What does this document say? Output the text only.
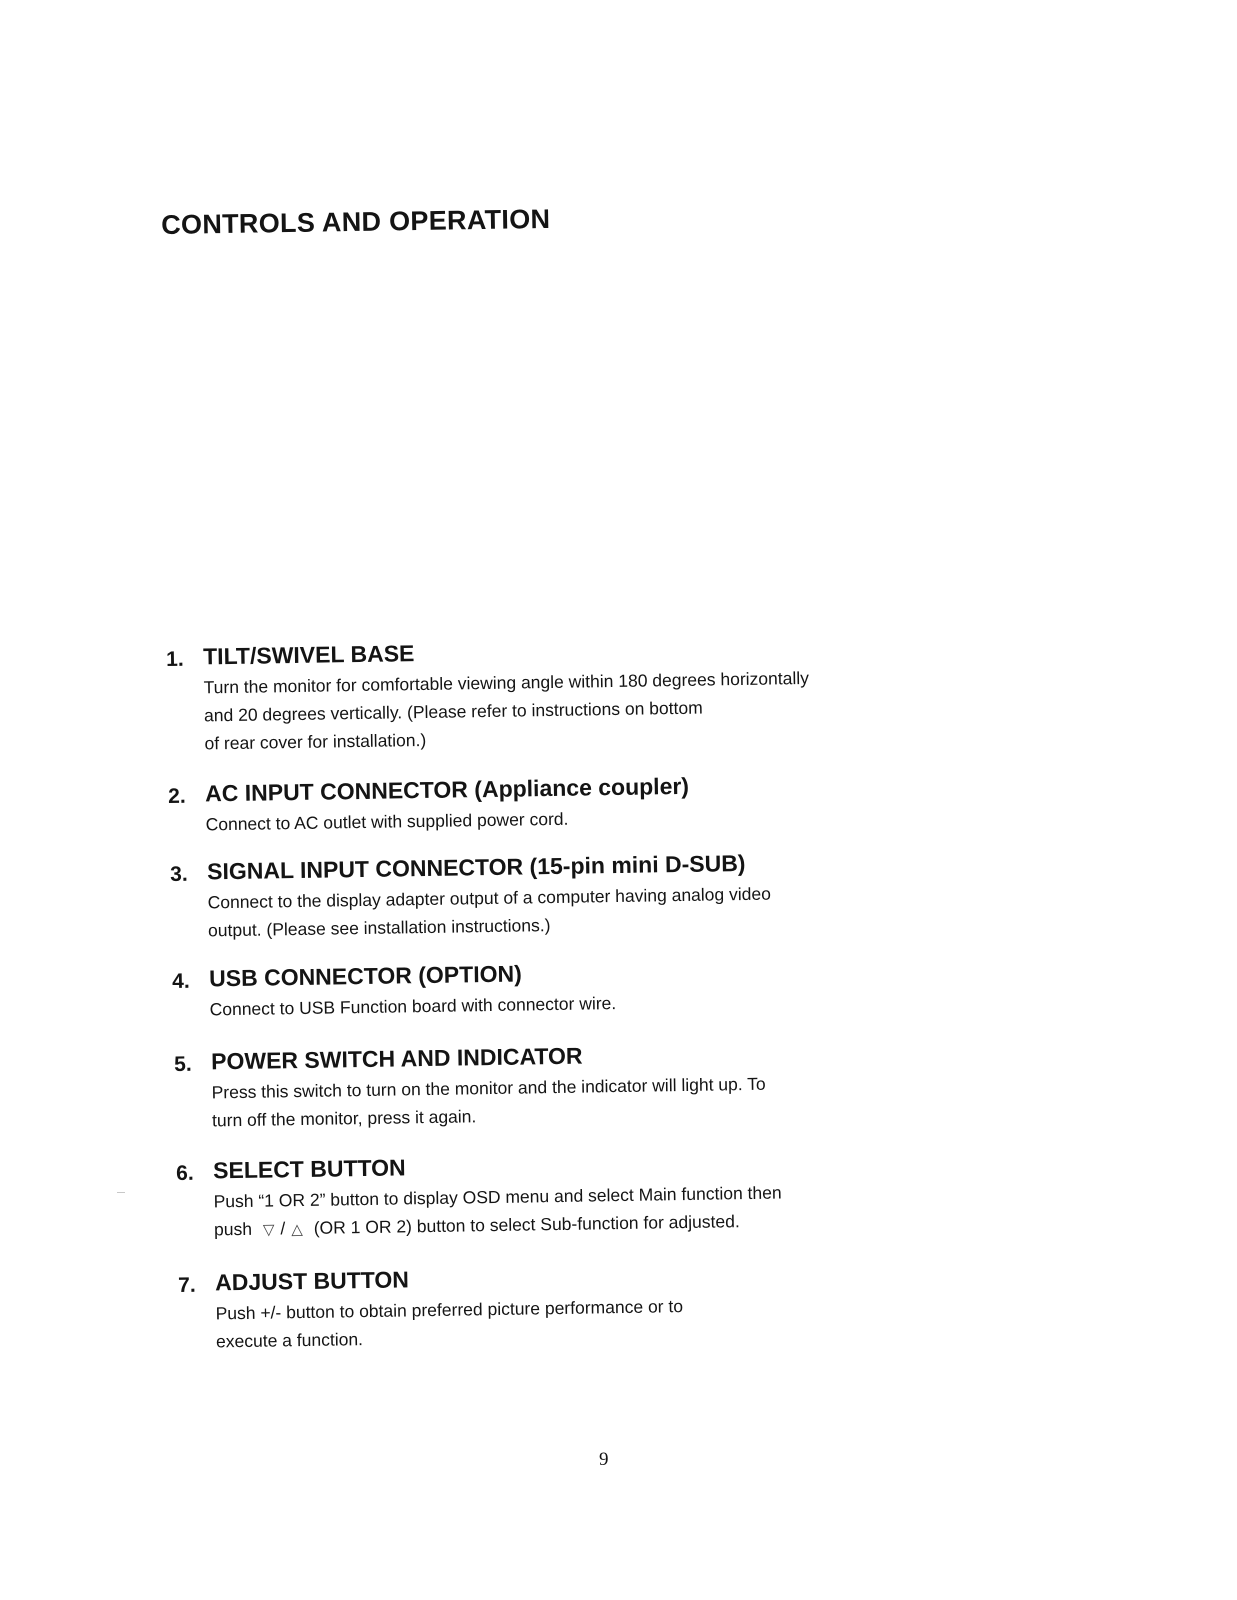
CONTROLS AND OPERATION
1. TILT/SWIVEL BASE
Turn the monitor for comfortable viewing angle within 180 degrees horizontally
and 20 degrees vertically. (Please refer to instructions on bottom
of rear cover for installation.)
2. AC INPUT CONNECTOR (Appliance coupler)
Connect to AC outlet with supplied power cord.
3. SIGNAL INPUT CONNECTOR (15-pin mini D-SUB)
Connect to the display adapter output of a computer having analog video
output. (Please see installation instructions.)
4. USB CONNECTOR (OPTION)
Connect to USB Function board with connector wire.
5. POWER SWITCH AND INDICATOR
Press this switch to turn on the monitor and the indicator will light up. To
turn off the monitor, press it again.
6. SELECT BUTTON
Push “1 OR 2” button to display OSD menu and select Main function then
push ▽ / △ (OR 1 OR 2) button to select Sub-function for adjusted.
7. ADJUST BUTTON
Push +/- button to obtain preferred picture performance or to
execute a function.
9
